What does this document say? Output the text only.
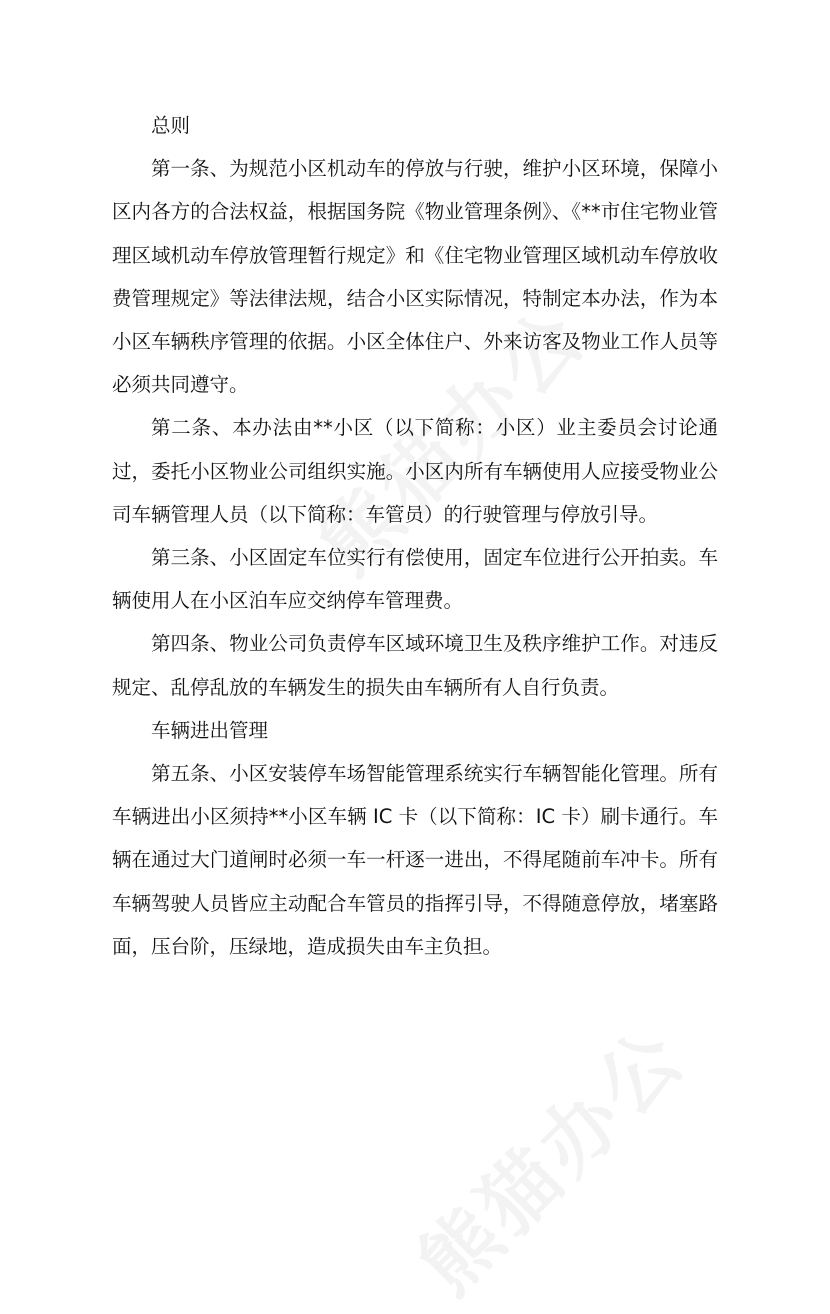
总则

第一条、为规范小区机动车的停放与行驶，维护小区环境，保障小区内各方的合法权益，根据国务院《物业管理条例》、《**市住宅物业管理区域机动车停放管理暂行规定》和《住宅物业管理区域机动车停放收费管理规定》等法律法规，结合小区实际情况，特制定本办法，作为本小区车辆秩序管理的依据。小区全体住户、外来访客及物业工作人员等必须共同遵守。

第二条、本办法由**小区（以下简称：小区）业主委员会讨论通过，委托小区物业公司组织实施。小区内所有车辆使用人应接受物业公司车辆管理人员（以下简称：车管员）的行驶管理与停放引导。

第三条、小区固定车位实行有偿使用，固定车位进行公开拍卖。车辆使用人在小区泊车应交纳停车管理费。

第四条、物业公司负责停车区域环境卫生及秩序维护工作。对违反规定、乱停乱放的车辆发生的损失由车辆所有人自行负责。

车辆进出管理

第五条、小区安装停车场智能管理系统实行车辆智能化管理。所有车辆进出小区须持**小区车辆 IC 卡（以下简称：IC 卡）刷卡通行。车辆在通过大门道闸时必须一车一杆逐一进出，不得尾随前车冲卡。所有车辆驾驶人员皆应主动配合车管员的指挥引导，不得随意停放，堵塞路面，压台阶，压绿地，造成损失由车主负担。
